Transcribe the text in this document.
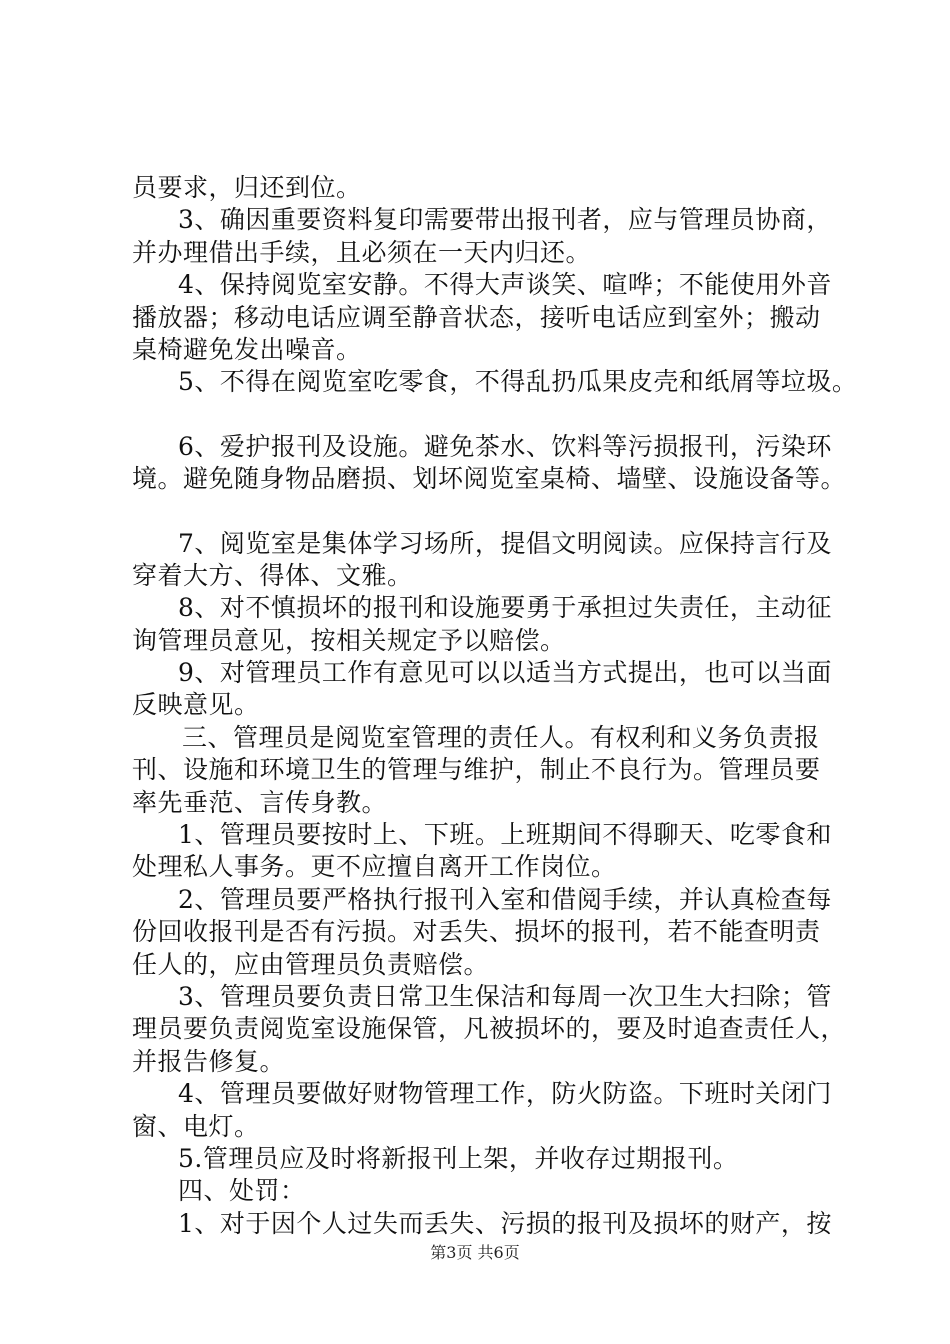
员要求，归还到位。
3、确因重要资料复印需要带出报刊者，应与管理员协商，
并办理借出手续，且必须在一天内归还。
4、保持阅览室安静。不得大声谈笑、喧哗；不能使用外音
播放器；移动电话应调至静音状态，接听电话应到室外；搬动
桌椅避免发出噪音。
5、不得在阅览室吃零食，不得乱扔瓜果皮壳和纸屑等垃圾。
6、爱护报刊及设施。避免茶水、饮料等污损报刊，污染环
境。避免随身物品磨损、划坏阅览室桌椅、墙壁、设施设备等。
7、阅览室是集体学习场所，提倡文明阅读。应保持言行及
穿着大方、得体、文雅。
8、对不慎损坏的报刊和设施要勇于承担过失责任，主动征
询管理员意见，按相关规定予以赔偿。
9、对管理员工作有意见可以以适当方式提出，也可以当面
反映意见。
三、管理员是阅览室管理的责任人。有权利和义务负责报
刊、设施和环境卫生的管理与维护，制止不良行为。管理员要
率先垂范、言传身教。
1、管理员要按时上、下班。上班期间不得聊天、吃零食和
处理私人事务。更不应擅自离开工作岗位。
2、管理员要严格执行报刊入室和借阅手续，并认真检查每
份回收报刊是否有污损。对丢失、损坏的报刊，若不能查明责
任人的，应由管理员负责赔偿。
3、管理员要负责日常卫生保洁和每周一次卫生大扫除；管
理员要负责阅览室设施保管，凡被损坏的，要及时追查责任人，
并报告修复。
4、管理员要做好财物管理工作，防火防盗。下班时关闭门
窗、电灯。
5.管理员应及时将新报刊上架，并收存过期报刊。
四、处罚：
1、对于因个人过失而丢失、污损的报刊及损坏的财产，按
第3页 共6页
